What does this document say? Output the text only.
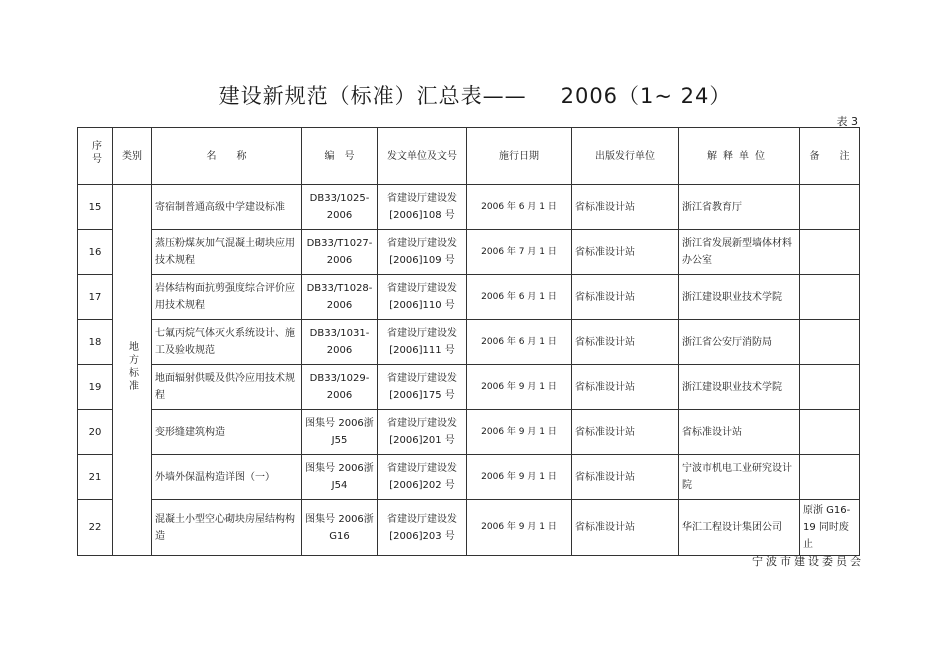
建设新规范（标准）汇总表—— 2006（1~ 24）
表 3
序号	类别	名　　称	编　号	发文单位及文号	施行日期	出版发行单位	解释单位	备　　注
15	地方标准	寄宿制普通高级中学建设标准	DB33/1025-2006	省建设厅建设发[2006]108 号	2006 年 6 月 1 日	省标准设计站	浙江省教育厅	
16		蒸压粉煤灰加气混凝土砌块应用技术规程	DB33/T1027-2006	省建设厅建设发[2006]109 号	2006 年 7 月 1 日	省标准设计站	浙江省发展新型墙体材料办公室	
17		岩体结构面抗剪强度综合评价应用技术规程	DB33/T1028-2006	省建设厅建设发[2006]110 号	2006 年 6 月 1 日	省标准设计站	浙江建设职业技术学院	
18		七氟丙烷气体灭火系统设计、施工及验收规范	DB33/1031-2006	省建设厅建设发[2006]111 号	2006 年 6 月 1 日	省标准设计站	浙江省公安厅消防局	
19		地面辐射供暖及供冷应用技术规程	DB33/1029-2006	省建设厅建设发[2006]175 号	2006 年 9 月 1 日	省标准设计站	浙江建设职业技术学院	
20		变形缝建筑构造	图集号 2006浙 J55	省建设厅建设发[2006]201 号	2006 年 9 月 1 日	省标准设计站	省标准设计站	
21		外墙外保温构造详图（一）	图集号 2006浙 J54	省建设厅建设发[2006]202 号	2006 年 9 月 1 日	省标准设计站	宁波市机电工业研究设计院	
22		混凝土小型空心砌块房屋结构构造	图集号 2006浙 G16	省建设厅建设发[2006]203 号	2006 年 9 月 1 日	省标准设计站	华汇工程设计集团公司	原浙 G16-19 同时废止
宁波市建设委员会
